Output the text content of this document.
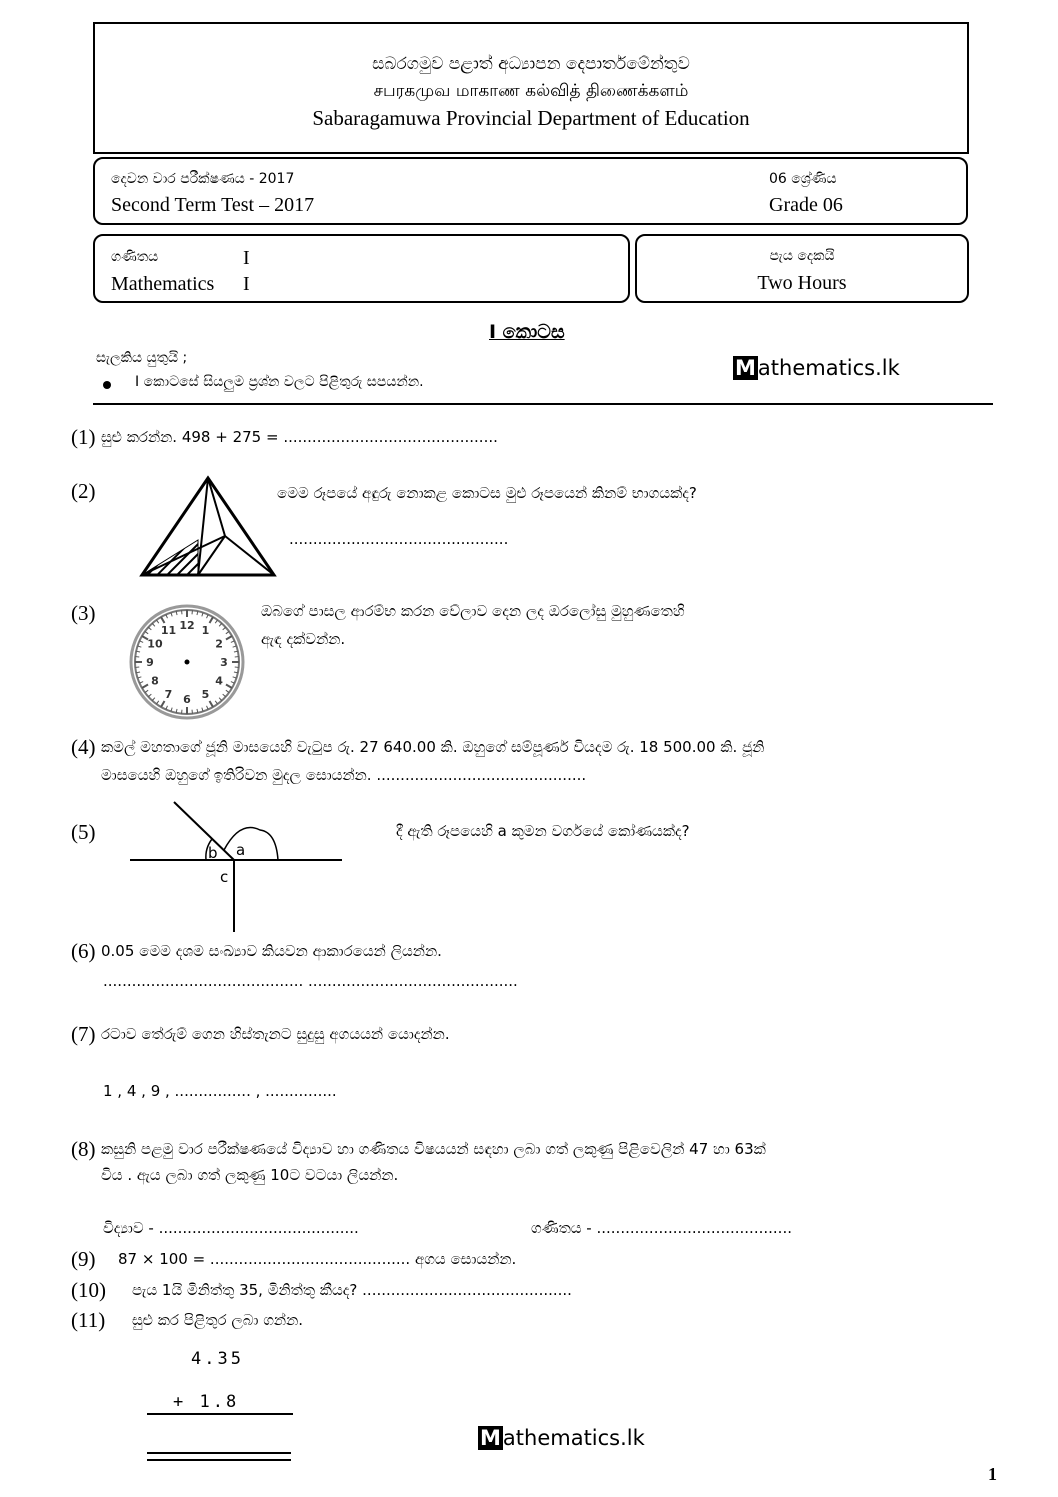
සබරගමුව පළාත් අධ්‍යාපන දෙපාර්තමේන්තුව
சபரகமுவ மாகாண கல்வித் திணைக்களம்
Sabaragamuwa Provincial Department of Education
දෙවන වාර පරීක්ෂණය - 2017
Second Term Test – 2017
06 ශ්‍රේණිය
Grade 06
ගණිතය	I
Mathematics I
පැය දෙකයි
Two Hours
I කොටස
සැලකිය යුතුයි ;
I කොටසේ සියලුම ප්‍රශ්න වලට පිළිතුරු සපයන්න.
Mathematics.lk
(1) සුළු කරන්න. 498 + 275 = .............................................
(2)	මෙම රූපයේ අඳුරු නොකළ කොටස මුළු රූපයෙන් කිනම් භාගයක්ද?
..............................................
(3)
12 1
2
3
4
5
6
7
8
9
10
11
ඔබගේ පාසල ආරම්භ කරන වේලාව දෙන ලද ඔරලෝසු මුහුණතෙහි
ඇඳ දක්වන්න.
(4) කමල් මහතාගේ ජූනි මාසයෙහි වැටුප රු. 27 640.00 කි. ඔහුගේ සම්පූර්ණ වියදම රු. 18 500.00 කි. ජූනි
මාසයෙහි ඔහුගේ ඉතිරිවන මුදල සොයන්න. ............................................
(5)
b a
c
දී ඇති රූපයෙහි a කුමන වර්ගයේ කෝණයක්ද?
(6) 0.05 මෙම දශම සංඛ්‍යාව කියවන ආකාරයෙන් ලියන්න.
.......................................... ............................................
(7) රටාව තේරුම් ගෙන හිස්තැනට සුදුසු අගයයන් යොදන්න.
1 , 4 , 9 , ................ , ...............
(8) කසුනි පළමු වාර පරීක්ෂණයේ විද්‍යාව හා ගණිතය විෂයයන් සඳහා ලබා ගත් ලකුණු පිළිවෙලින් 47 හා 63ක්
විය . ඇය ලබා ගත් ලකුණු 10ට වටයා ලියන්න.
විද්‍යාව - ..........................................	ගණිතය - .........................................
(9) 87 × 100 = .......................................... අගය සොයන්න.
(10) පැය 1යි මිනිත්තු 35, මිනිත්තු කීයද? ............................................
(11) සුළු කර පිළිතුර ලබා ගන්න.
4.35
+ 1.8
Mathematics.lk
1
